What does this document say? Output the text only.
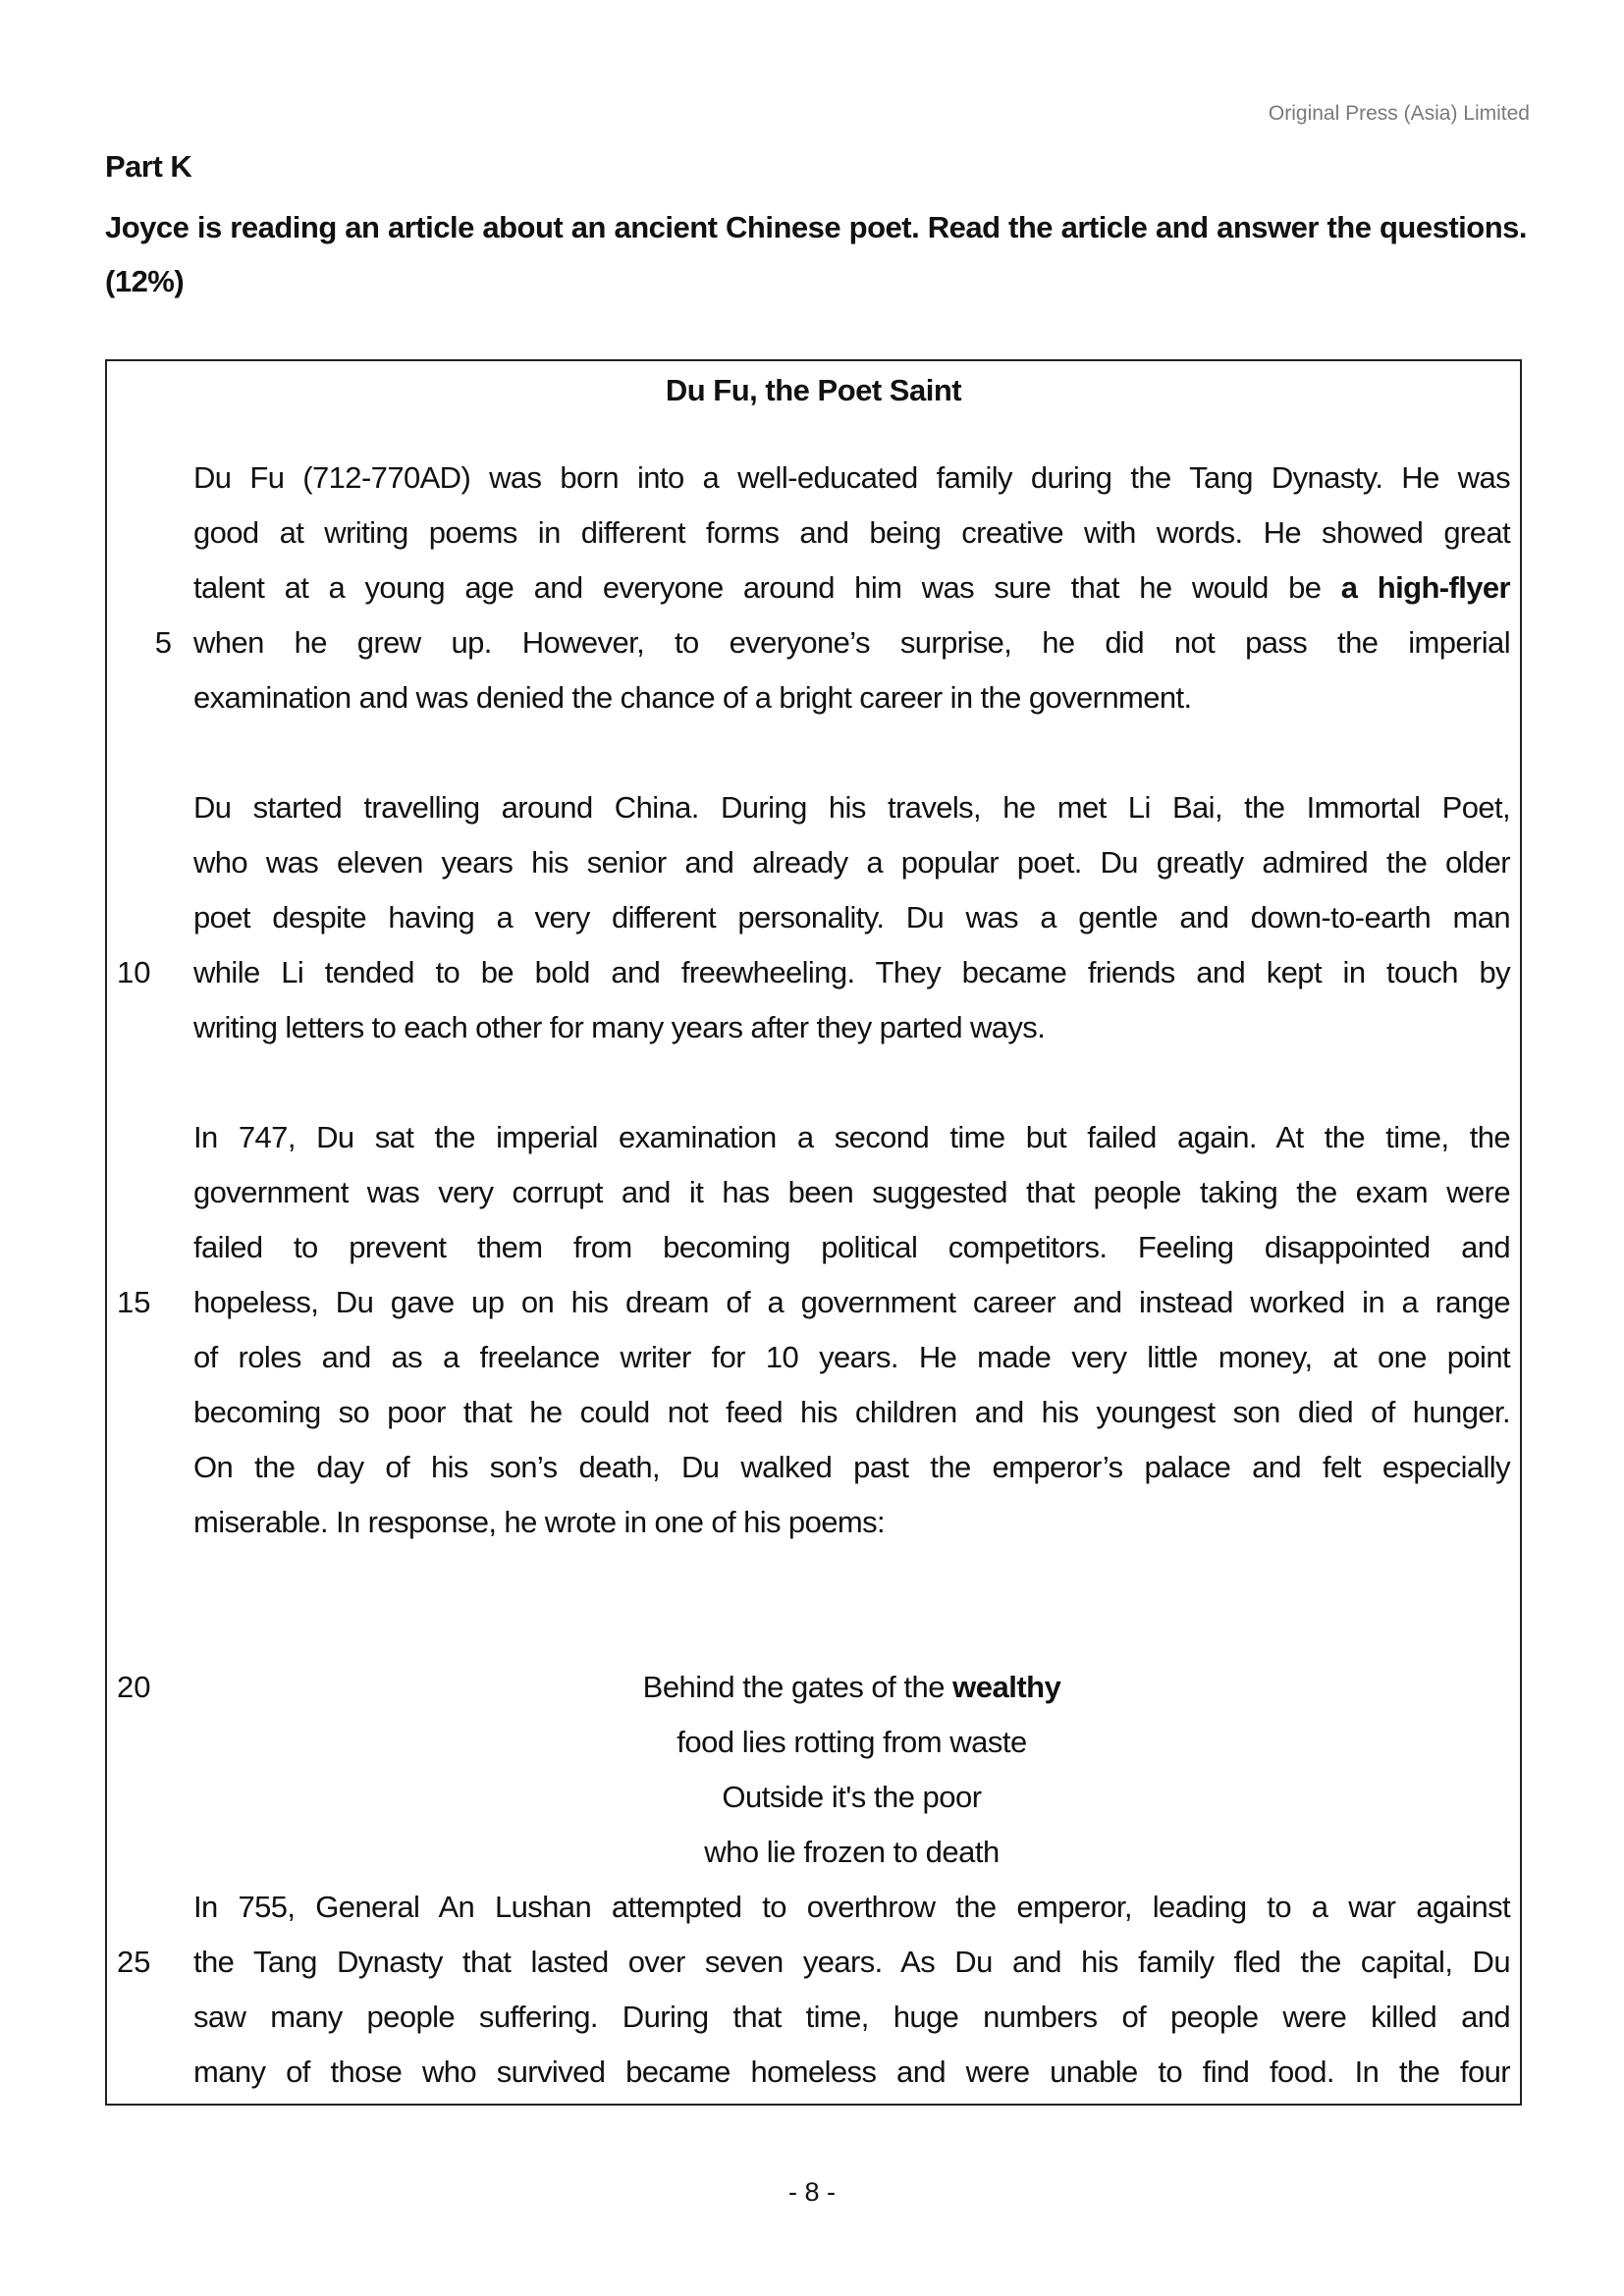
Original Press (Asia) Limited
Part K
Joyce is reading an article about an ancient Chinese poet. Read the article and answer the questions. (12%)
Du Fu, the Poet Saint
Du Fu (712-770AD) was born into a well-educated family during the Tang Dynasty. He was
good at writing poems in different forms and being creative with words. He showed great
talent at a young age and everyone around him was sure that he would be a high-flyer
when he grew up. However, to everyone’s surprise, he did not pass the imperial
examination and was denied the chance of a bright career in the government.
5
Du started travelling around China. During his travels, he met Li Bai, the Immortal Poet,
who was eleven years his senior and already a popular poet. Du greatly admired the older
poet despite having a very different personality. Du was a gentle and down-to-earth man
while Li tended to be bold and freewheeling. They became friends and kept in touch by
writing letters to each other for many years after they parted ways.
10
In 747, Du sat the imperial examination a second time but failed again. At the time, the
government was very corrupt and it has been suggested that people taking the exam were
failed to prevent them from becoming political competitors. Feeling disappointed and
hopeless, Du gave up on his dream of a government career and instead worked in a range
of roles and as a freelance writer for 10 years. He made very little money, at one point
becoming so poor that he could not feed his children and his youngest son died of hunger.
On the day of his son’s death, Du walked past the emperor’s palace and felt especially
miserable. In response, he wrote in one of his poems:
15
Behind the gates of the wealthy
food lies rotting from waste
Outside it's the poor
who lie frozen to death
20
In 755, General An Lushan attempted to overthrow the emperor, leading to a war against
the Tang Dynasty that lasted over seven years. As Du and his family fled the capital, Du
saw many people suffering. During that time, huge numbers of people were killed and
many of those who survived became homeless and were unable to find food. In the four
25
- 8 -
